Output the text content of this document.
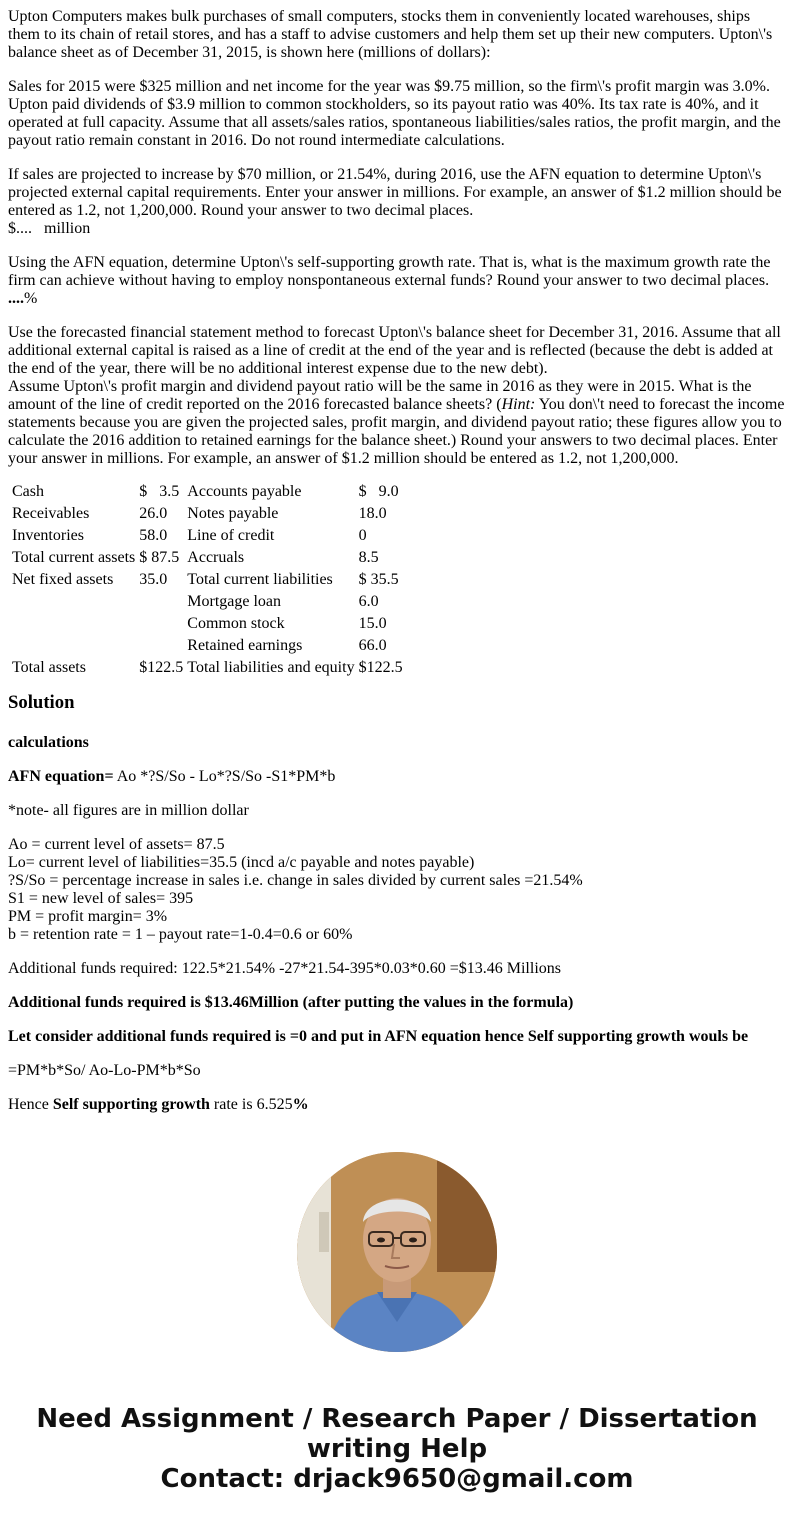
Upton Computers makes bulk purchases of small computers, stocks them in conveniently located warehouses, ships them to its chain of retail stores, and has a staff to advise customers and help them set up their new computers. Upton\'s balance sheet as of December 31, 2015, is shown here (millions of dollars):

Sales for 2015 were $325 million and net income for the year was $9.75 million, so the firm\'s profit margin was 3.0%. Upton paid dividends of $3.9 million to common stockholders, so its payout ratio was 40%. Its tax rate is 40%, and it operated at full capacity. Assume that all assets/sales ratios, spontaneous liabilities/sales ratios, the profit margin, and the payout ratio remain constant in 2016. Do not round intermediate calculations.

If sales are projected to increase by $70 million, or 21.54%, during 2016, use the AFN equation to determine Upton\'s projected external capital requirements. Enter your answer in millions. For example, an answer of $1.2 million should be entered as 1.2, not 1,200,000. Round your answer to two decimal places.
$.... million
Using the AFN equation, determine Upton\'s self-supporting growth rate. That is, what is the maximum growth rate the firm can achieve without having to employ nonspontaneous external funds? Round your answer to two decimal places.
....%
Use the forecasted financial statement method to forecast Upton\'s balance sheet for December 31, 2016. Assume that all additional external capital is raised as a line of credit at the end of the year and is reflected (because the debt is added at the end of the year, there will be no additional interest expense due to the new debt).
Assume Upton\'s profit margin and dividend payout ratio will be the same in 2016 as they were in 2015. What is the amount of the line of credit reported on the 2016 forecasted balance sheets? (Hint: You don\'t need to forecast the income statements because you are given the projected sales, profit margin, and dividend payout ratio; these figures allow you to calculate the 2016 addition to retained earnings for the balance sheet.) Round your answers to two decimal places. Enter your answer in millions. For example, an answer of $1.2 million should be entered as 1.2, not 1,200,000.
Cash	$   3.5	Accounts payable	$   9.0
Receivables	26.0	Notes payable	18.0
Inventories	58.0	Line of credit	0
Total current assets	$ 87.5	Accruals	8.5
Net fixed assets	35.0	Total current liabilities	$ 35.5
		Mortgage loan	6.0
		Common stock	15.0
		Retained earnings	66.0
Total assets	$122.5	Total liabilities and equity	$122.5
Solution

calculations

AFN equation= Ao *?S/So - Lo*?S/So -S1*PM*b

*note- all figures are in million dollar

Ao = current level of assets= 87.5
Lo= current level of liabilities=35.5 (incd a/c payable and notes payable)
?S/So = percentage increase in sales i.e. change in sales divided by current sales =21.54%
S1 = new level of sales= 395
PM = profit margin= 3%
b = retention rate = 1 – payout rate=1-0.4=0.6 or 60%

Additional funds required: 122.5*21.54% -27*21.54-395*0.03*0.60 =$13.46 Millions

Additional funds required is $13.46Million (after putting the values in the formula)

Let consider additional funds required is =0 and put in AFN equation hence Self supporting growth wouls be

=PM*b*So/ Ao-Lo-PM*b*So

Hence Self supporting growth rate is 6.525%

Need Assignment / Research Paper / Dissertation
writing Help
Contact: drjack9650@gmail.com
